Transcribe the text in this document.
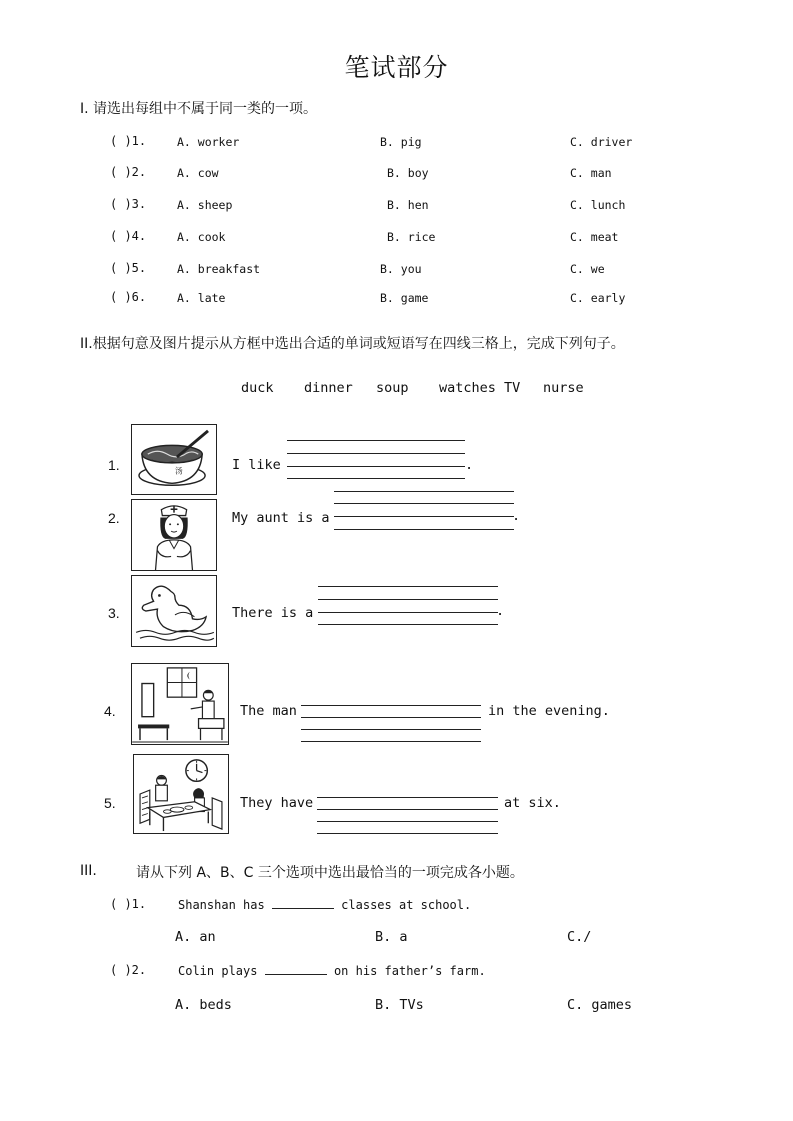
笔试部分
I. 请选出每组中不属于同一类的一项。
( )1.	A. worker	B. pig	C. driver
( )2.	A. cow	B. boy	C. man
( )3.	A. sheep	B. hen	C. lunch
( )4.	A. cook	B. rice	C. meat
( )5.	A. breakfast	B. you	C. we
( )6.	A. late	B. game	C. early
II.根据句意及图片提示从方框中选出合适的单词或短语写在四线三格上，完成下列句子。
duck dinner soup watches TV nurse
1.	汤	I like	.
2.	My aunt is a	.
3.	There is a	.
4.	The man	in the evening.
5.	They have	at six.
III.	请从下列 A、B、C 三个选项中选出最恰当的一项完成各小题。
( )1.	Shanshan has	classes at school.
A. an	B. a	C./
( )2.	Colin plays	on his father’s farm.
A. beds	B. TVs	C. games
